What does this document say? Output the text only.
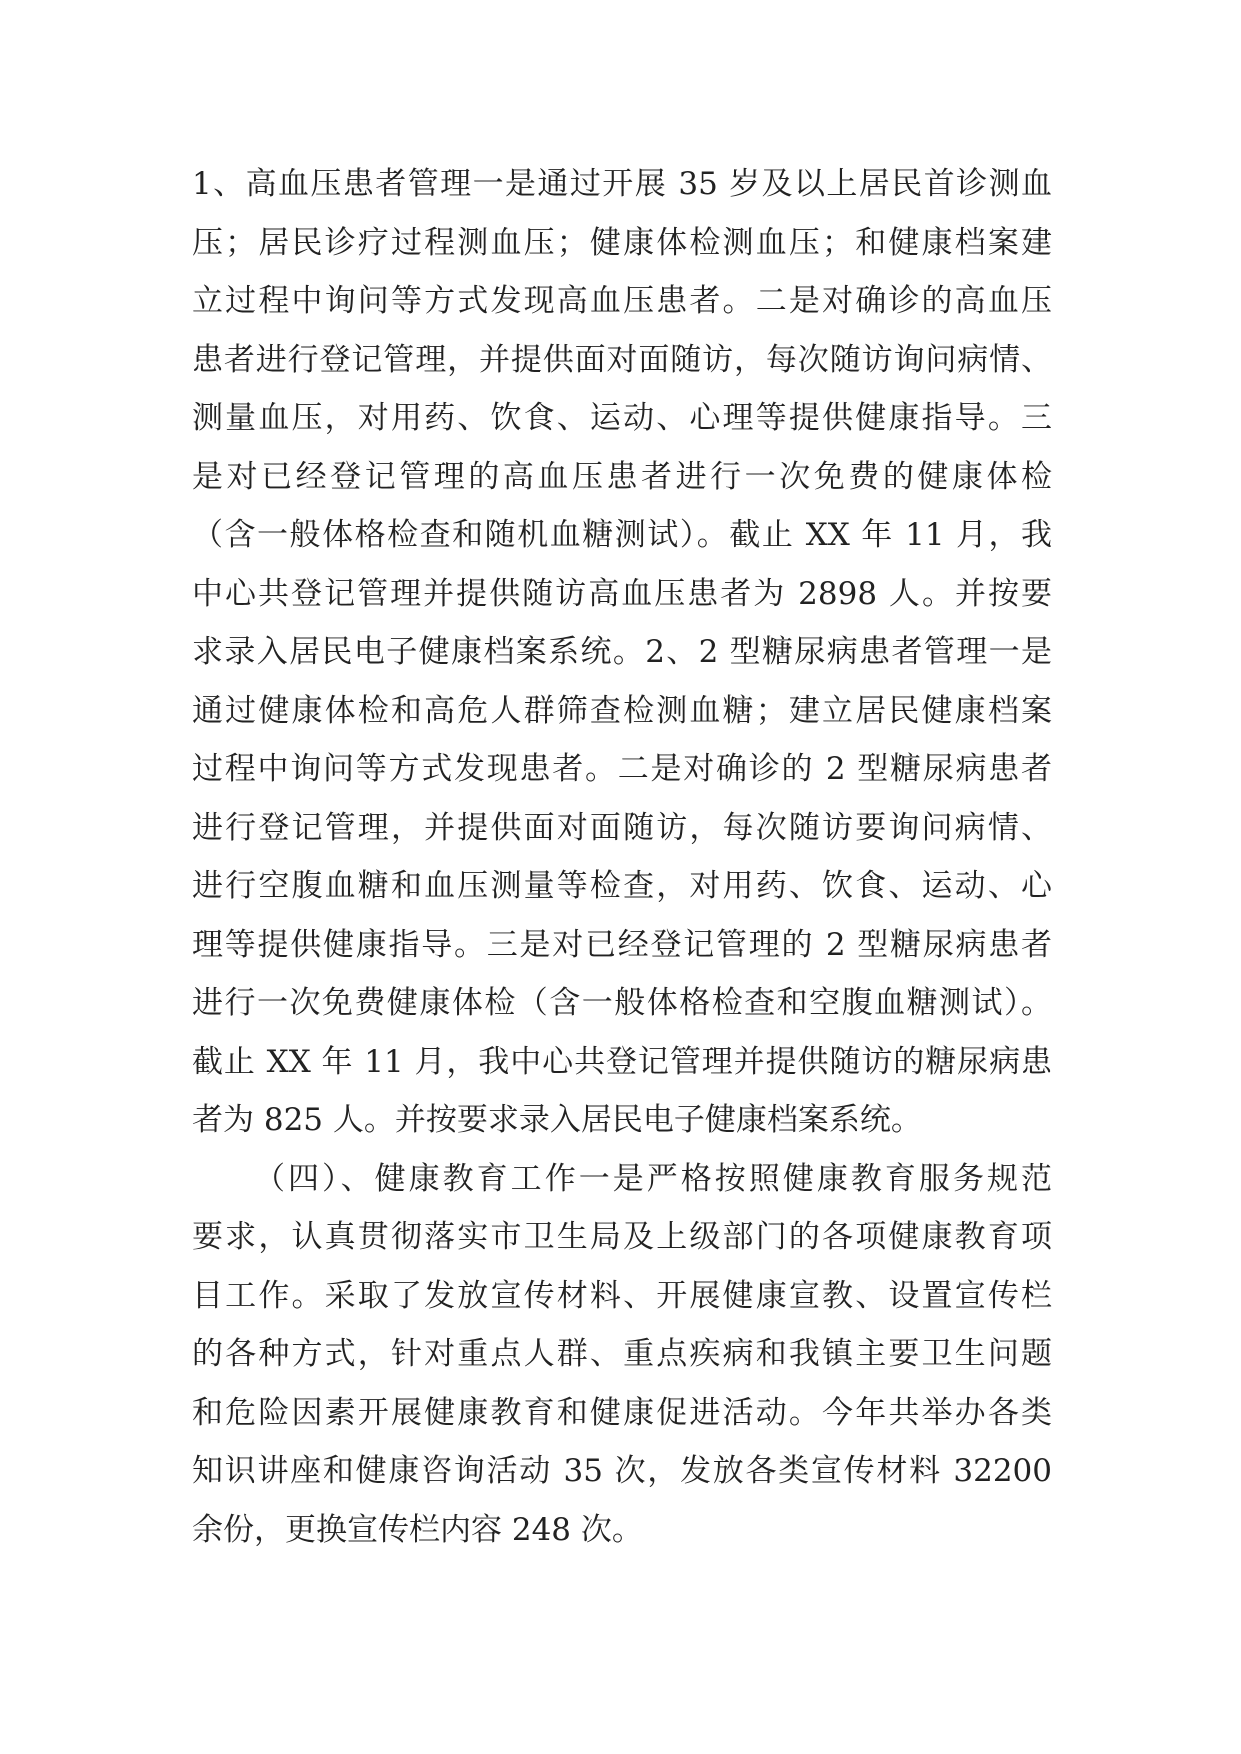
1、高血压患者管理一是通过开展 35 岁及以上居民首诊测血
压；居民诊疗过程测血压；健康体检测血压；和健康档案建
立过程中询问等方式发现高血压患者。二是对确诊的高血压
患者进行登记管理，并提供面对面随访，每次随访询问病情、
测量血压，对用药、饮食、运动、心理等提供健康指导。三
是对已经登记管理的高血压患者进行一次免费的健康体检
（含一般体格检查和随机血糖测试）。截止 XX 年 11 月，我
中心共登记管理并提供随访高血压患者为 2898 人。并按要
求录入居民电子健康档案系统。2、2 型糖尿病患者管理一是
通过健康体检和高危人群筛查检测血糖；建立居民健康档案
过程中询问等方式发现患者。二是对确诊的 2 型糖尿病患者
进行登记管理，并提供面对面随访，每次随访要询问病情、
进行空腹血糖和血压测量等检查，对用药、饮食、运动、心
理等提供健康指导。三是对已经登记管理的 2 型糖尿病患者
进行一次免费健康体检（含一般体格检查和空腹血糖测试）。
截止 XX 年 11 月，我中心共登记管理并提供随访的糖尿病患
者为 825 人。并按要求录入居民电子健康档案系统。
（四）、健康教育工作一是严格按照健康教育服务规范
要求，认真贯彻落实市卫生局及上级部门的各项健康教育项
目工作。采取了发放宣传材料、开展健康宣教、设置宣传栏
的各种方式，针对重点人群、重点疾病和我镇主要卫生问题
和危险因素开展健康教育和健康促进活动。今年共举办各类
知识讲座和健康咨询活动 35 次，发放各类宣传材料 32200
余份，更换宣传栏内容 248 次。
